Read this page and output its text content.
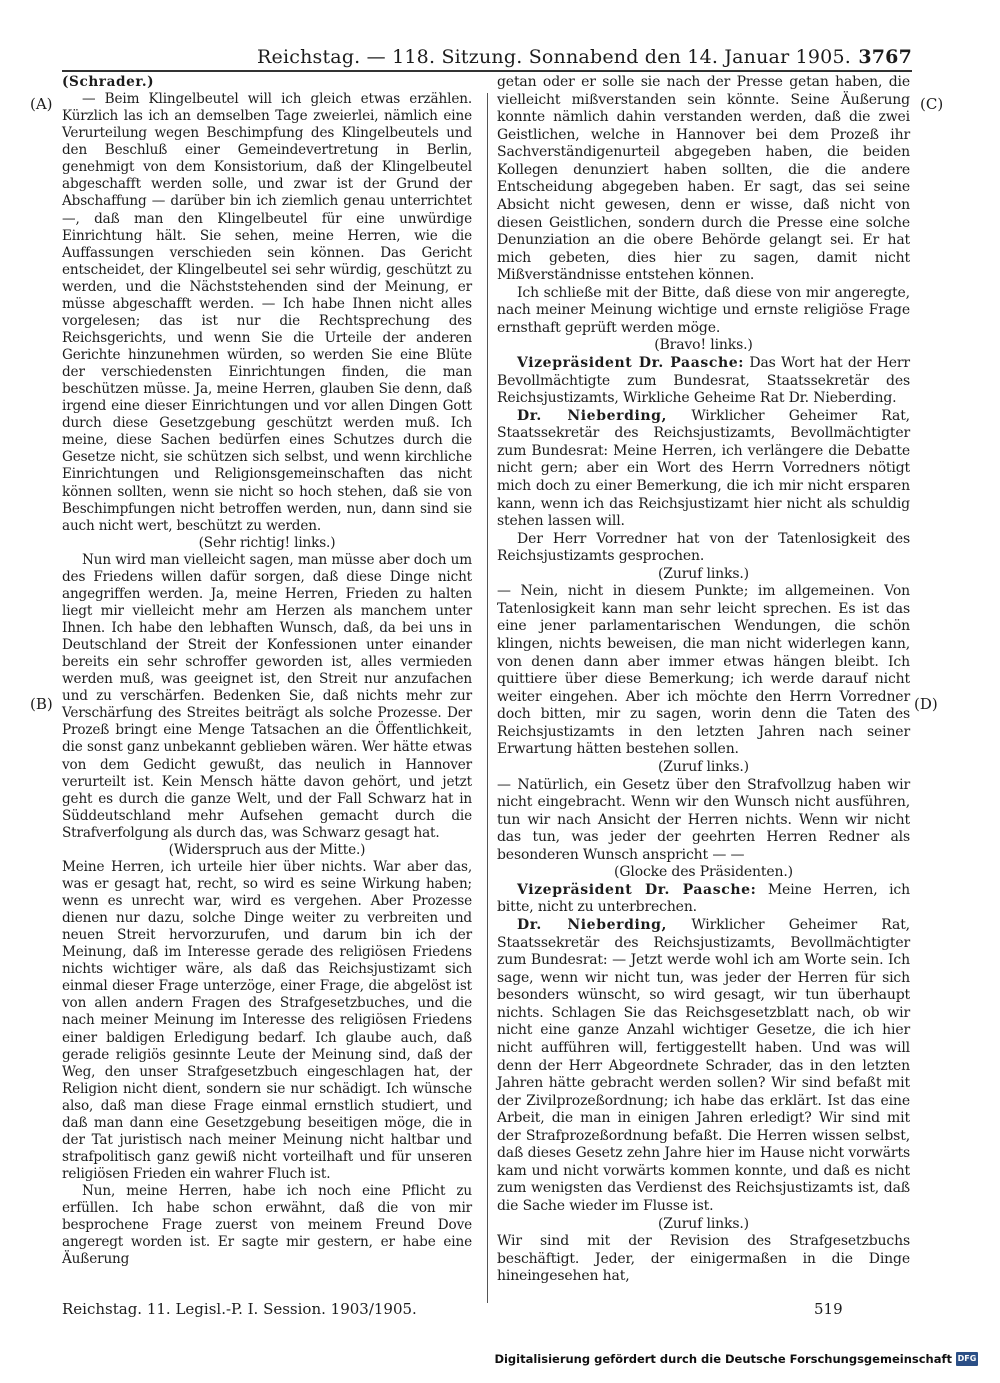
Reichstag. — 118. Sitzung. Sonnabend den 14. Januar 1905. 3767

(Schrader.)

— Beim Klingelbeutel will ich gleich etwas erzählen. Kürzlich las ich an demselben Tage zweierlei, nämlich eine Verurteilung wegen Beschimpfung des Klingelbeutels und den Beschluß einer Gemeindevertretung in Berlin, genehmigt von dem Konsistorium, daß der Klingelbeutel abgeschafft werden solle, und zwar ist der Grund der Abschaffung — darüber bin ich ziemlich genau unterrichtet —, daß man den Klingelbeutel für eine unwürdige Einrichtung hält. Sie sehen, meine Herren, wie die Auffassungen verschieden sein können. Das Gericht entscheidet, der Klingelbeutel sei sehr würdig, geschützt zu werden, und die Nächststehenden sind der Meinung, er müsse abgeschafft werden. — Ich habe Ihnen nicht alles vorgelesen; das ist nur die Rechtsprechung des Reichsgerichts, und wenn Sie die Urteile der anderen Gerichte hinzunehmen würden, so werden Sie eine Blüte der verschiedensten Einrichtungen finden, die man beschützen müsse. Ja, meine Herren, glauben Sie denn, daß irgend eine dieser Einrichtungen und vor allen Dingen Gott durch diese Gesetzgebung geschützt werden muß. Ich meine, diese Sachen bedürfen eines Schutzes durch die Gesetze nicht, sie schützen sich selbst, und wenn kirchliche Einrichtungen und Religionsgemeinschaften das nicht können sollten, wenn sie nicht so hoch stehen, daß sie von Beschimpfungen nicht betroffen werden, nun, dann sind sie auch nicht wert, beschützt zu werden.

(Sehr richtig! links.)

Nun wird man vielleicht sagen, man müsse aber doch um des Friedens willen dafür sorgen, daß diese Dinge nicht angegriffen werden. Ja, meine Herren, Frieden zu halten liegt mir vielleicht mehr am Herzen als manchem unter Ihnen. Ich habe den lebhaften Wunsch, daß, da bei uns in Deutschland der Streit der Konfessionen unter einander bereits ein sehr schroffer geworden ist, alles vermieden werden muß, was geeignet ist, den Streit nur anzufachen und zu verschärfen. Bedenken Sie, daß nichts mehr zur Verschärfung des Streites beiträgt als solche Prozesse. Der Prozeß bringt eine Menge Tatsachen an die Öffentlichkeit, die sonst ganz unbekannt geblieben wären. Wer hätte etwas von dem Gedicht gewußt, das neulich in Hannover verurteilt ist. Kein Mensch hätte davon gehört, und jetzt geht es durch die ganze Welt, und der Fall Schwarz hat in Süddeutschland mehr Aufsehen gemacht durch die Strafverfolgung als durch das, was Schwarz gesagt hat.

(Widerspruch aus der Mitte.)

Meine Herren, ich urteile hier über nichts. War aber das, was er gesagt hat, recht, so wird es seine Wirkung haben; wenn es unrecht war, wird es vergehen. Aber Prozesse dienen nur dazu, solche Dinge weiter zu verbreiten und neuen Streit hervorzurufen, und darum bin ich der Meinung, daß im Interesse gerade des religiösen Friedens nichts wichtiger wäre, als daß das Reichsjustizamt sich einmal dieser Frage unterzöge, einer Frage, die abgelöst ist von allen andern Fragen des Strafgesetzbuches, und die nach meiner Meinung im Interesse des religiösen Friedens einer baldigen Erledigung bedarf. Ich glaube auch, daß gerade religiös gesinnte Leute der Meinung sind, daß der Weg, den unser Strafgesetzbuch eingeschlagen hat, der Religion nicht dient, sondern sie nur schädigt. Ich wünsche also, daß man diese Frage einmal ernstlich studiert, und daß man dann eine Gesetzgebung beseitigen möge, die in der Tat juristisch nach meiner Meinung nicht haltbar und strafpolitisch ganz gewiß nicht vorteilhaft und für unseren religiösen Frieden ein wahrer Fluch ist.

Nun, meine Herren, habe ich noch eine Pflicht zu erfüllen. Ich habe schon erwähnt, daß die von mir besprochene Frage zuerst von meinem Freund Dove angeregt worden ist. Er sagte mir gestern, er habe eine Äußerung

getan oder er solle sie nach der Presse getan haben, die vielleicht mißverstanden sein könnte. Seine Äußerung konnte nämlich dahin verstanden werden, daß die zwei Geistlichen, welche in Hannover bei dem Prozeß ihr Sachverständigenurteil abgegeben haben, die beiden Kollegen denunziert haben sollten, die die andere Entscheidung abgegeben haben. Er sagt, das sei seine Absicht nicht gewesen, denn er wisse, daß nicht von diesen Geistlichen, sondern durch die Presse eine solche Denunziation an die obere Behörde gelangt sei. Er hat mich gebeten, dies hier zu sagen, damit nicht Mißverständnisse entstehen können.

Ich schließe mit der Bitte, daß diese von mir angeregte, nach meiner Meinung wichtige und ernste religiöse Frage ernsthaft geprüft werden möge.

(Bravo! links.)

Vizepräsident Dr. Paasche: Das Wort hat der Herr Bevollmächtigte zum Bundesrat, Staatssekretär des Reichsjustizamts, Wirkliche Geheime Rat Dr. Nieberding.

Dr. Nieberding, Wirklicher Geheimer Rat, Staatssekretär des Reichsjustizamts, Bevollmächtigter zum Bundesrat: Meine Herren, ich verlängere die Debatte nicht gern; aber ein Wort des Herrn Vorredners nötigt mich doch zu einer Bemerkung, die ich mir nicht ersparen kann, wenn ich das Reichsjustizamt hier nicht als schuldig stehen lassen will.

Der Herr Vorredner hat von der Tatenlosigkeit des Reichsjustizamts gesprochen.

(Zuruf links.)

— Nein, nicht in diesem Punkte; im allgemeinen. Von Tatenlosigkeit kann man sehr leicht sprechen. Es ist das eine jener parlamentarischen Wendungen, die schön klingen, nichts beweisen, die man nicht widerlegen kann, von denen dann aber immer etwas hängen bleibt. Ich quittiere über diese Bemerkung; ich werde darauf nicht weiter eingehen. Aber ich möchte den Herrn Vorredner doch bitten, mir zu sagen, worin denn die Taten des Reichsjustizamts in den letzten Jahren nach seiner Erwartung hätten bestehen sollen.

(Zuruf links.)

— Natürlich, ein Gesetz über den Strafvollzug haben wir nicht eingebracht. Wenn wir den Wunsch nicht ausführen, tun wir nach Ansicht der Herren nichts. Wenn wir nicht das tun, was jeder der geehrten Herren Redner als besonderen Wunsch anspricht — —

(Glocke des Präsidenten.)

Vizepräsident Dr. Paasche: Meine Herren, ich bitte, nicht zu unterbrechen.

Dr. Nieberding, Wirklicher Geheimer Rat, Staatssekretär des Reichsjustizamts, Bevollmächtigter zum Bundesrat: — Jetzt werde wohl ich am Worte sein. Ich sage, wenn wir nicht tun, was jeder der Herren für sich besonders wünscht, so wird gesagt, wir tun überhaupt nichts. Schlagen Sie das Reichsgesetzblatt nach, ob wir nicht eine ganze Anzahl wichtiger Gesetze, die ich hier nicht aufführen will, fertiggestellt haben. Und was will denn der Herr Abgeordnete Schrader, das in den letzten Jahren hätte gebracht werden sollen? Wir sind befaßt mit der Zivilprozeßordnung; ich habe das erklärt. Ist das eine Arbeit, die man in einigen Jahren erledigt? Wir sind mit der Strafprozeßordnung befaßt. Die Herren wissen selbst, daß dieses Gesetz zehn Jahre hier im Hause nicht vorwärts kam und nicht vorwärts kommen konnte, und daß es nicht zum wenigsten das Verdienst des Reichsjustizamts ist, daß die Sache wieder im Flusse ist.

(Zuruf links.)

Wir sind mit der Revision des Strafgesetzbuchs beschäftigt. Jeder, der einigermaßen in die Dinge hineingesehen hat,

(A)
(B)
(C)
(D)
Reichstag. 11. Legisl.-P. I. Session. 1903/1905.	519
Digitalisierung gefördert durch die Deutsche Forschungsgemeinschaft DFG
